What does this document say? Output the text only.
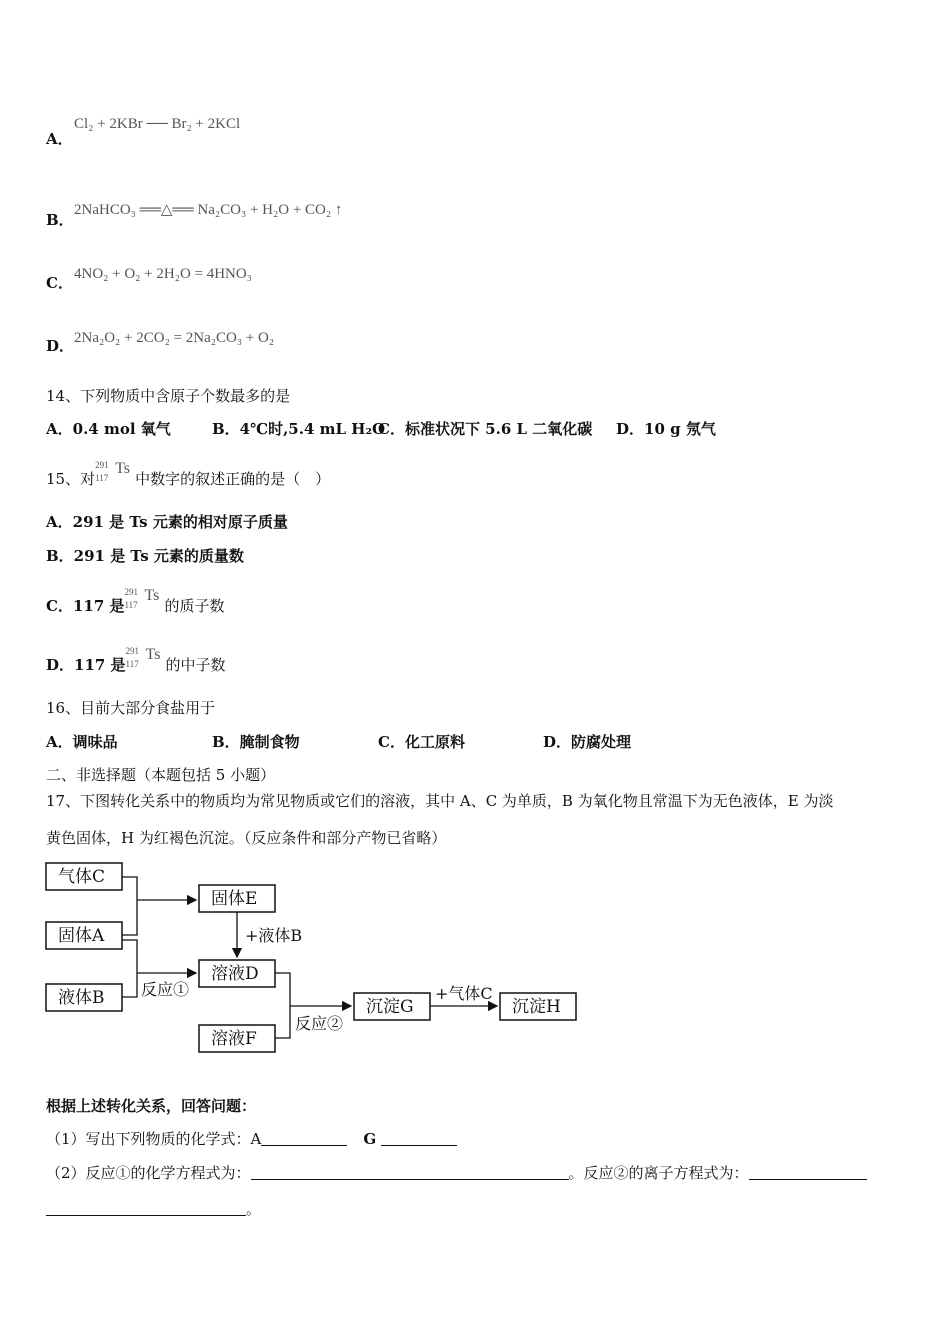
A．
Cl₂ + 2KBr ── Br₂ + 2KCl
B．
2NaHCO₃ ══△══ Na₂CO₃ + H₂O + CO₂ ↑
C． 4NO₂ + O₂ + 2H₂O = 4HNO₃
D． 2Na₂O₂ + 2CO₂ = 2Na₂CO₃ + O₂
14、下列物质中含原子个数最多的是
A．0.4 mol 氧气	B．4℃时,5.4 mL H₂O
C．标准状况下 5.6 L 二氧化碳 D．10 g 氖气
15、对
291
117
Ts
中数字的叙述正确的是（　）
A．291 是 Ts 元素的相对原子质量
B．291 是 Ts 元素的质量数
C．117 是
291
117
Ts
的质子数
D．117 是
291
117
Ts
的中子数
16、目前大部分食盐用于
A．调味品	B．腌制食物	C．化工原料	D．防腐处理
二、非选择题（本题包括 5 小题）
17、下图转化关系中的物质均为常见物质或它们的溶液，其中 A、C 为单质，B 为氧化物且常温下为无色液体，E 为淡
黄色固体，H 为红褐色沉淀。（反应条件和部分产物已省略）
气体C
固体A
液体B
固体E
溶液D
溶液F
沉淀G	沉淀H
+液体B
反应①
反应②
+气体C
根据上述转化关系，回答问题：
（1）写出下列物质的化学式：A	G
（2）反应①的化学方程式为：	。反应②的离子方程式为：
。
